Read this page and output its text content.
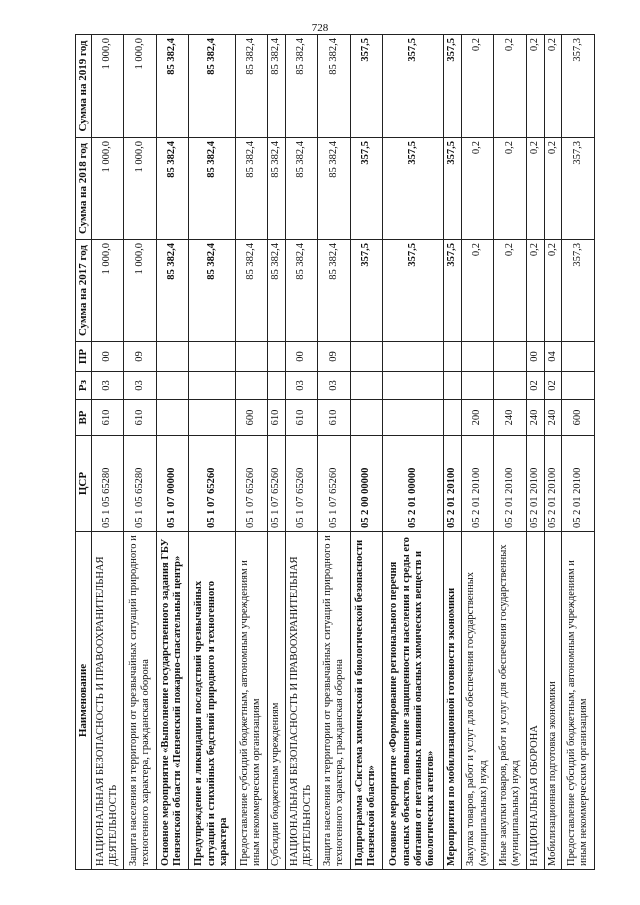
728
Наименование	ЦСР	ВР	Рз	ПР	Сумма на 2017 год	Сумма на 2018 год	Сумма на 2019 год
НАЦИОНАЛЬНАЯ БЕЗОПАСНОСТЬ И ПРАВООХРАНИТЕЛЬНАЯ ДЕЯТЕЛЬНОСТЬ	05 1 05 65280	610	03	00	1 000,0	1 000,0	1 000,0
Защита населения и территории от чрезвычайных ситуаций природного и техногенного характера, гражданская оборона	05 1 05 65280	610	03	09	1 000,0	1 000,0	1 000,0
Основное мероприятие «Выполнение государственного задания ГБУ Пензенской области «Пензенский пожарно-спасательный центр»	05 1 07 00000				85 382,4	85 382,4	85 382,4
Предупреждение и ликвидация последствий чрезвычайных ситуаций и стихийных бедствий природного и техногенного характера	05 1 07 65260				85 382,4	85 382,4	85 382,4
Предоставление субсидий бюджетным, автономным учреждениям и иным некоммерческим организациям	05 1 07 65260	600			85 382,4	85 382,4	85 382,4
Субсидии бюджетным учреждениям	05 1 07 65260	610			85 382,4	85 382,4	85 382,4
НАЦИОНАЛЬНАЯ БЕЗОПАСНОСТЬ И ПРАВООХРАНИТЕЛЬНАЯ ДЕЯТЕЛЬНОСТЬ	05 1 07 65260	610	03	00	85 382,4	85 382,4	85 382,4
Защита населения и территории от чрезвычайных ситуаций природного и техногенного характера, гражданская оборона	05 1 07 65260	610	03	09	85 382,4	85 382,4	85 382,4
Подпрограмма «Система химической и биологической безопасности Пензенской области»	05 2 00 00000				357,5	357,5	357,5
Основное мероприятие «Формирование регионального перечня опасных объектов, повышение защищенности населения и среды его обитания от негативных влияний опасных химических веществ и биологических агентов»	05 2 01 00000				357,5	357,5	357,5
Мероприятия по мобилизационной готовности экономики	05 2 01 20100				357,5	357,5	357,5
Закупка товаров, работ и услуг для обеспечения государственных (муниципальных) нужд	05 2 01 20100	200			0,2	0,2	0,2
Иные закупки товаров, работ и услуг для обеспечения государственных (муниципальных) нужд	05 2 01 20100	240			0,2	0,2	0,2
НАЦИОНАЛЬНАЯ ОБОРОНА	05 2 01 20100	240	02	00	0,2	0,2	0,2
Мобилизационная подготовка экономики	05 2 01 20100	240	02	04	0,2	0,2	0,2
Предоставление субсидий бюджетным, автономным учреждениям и иным некоммерческим организациям	05 2 01 20100	600			357,3	357,3	357,3
